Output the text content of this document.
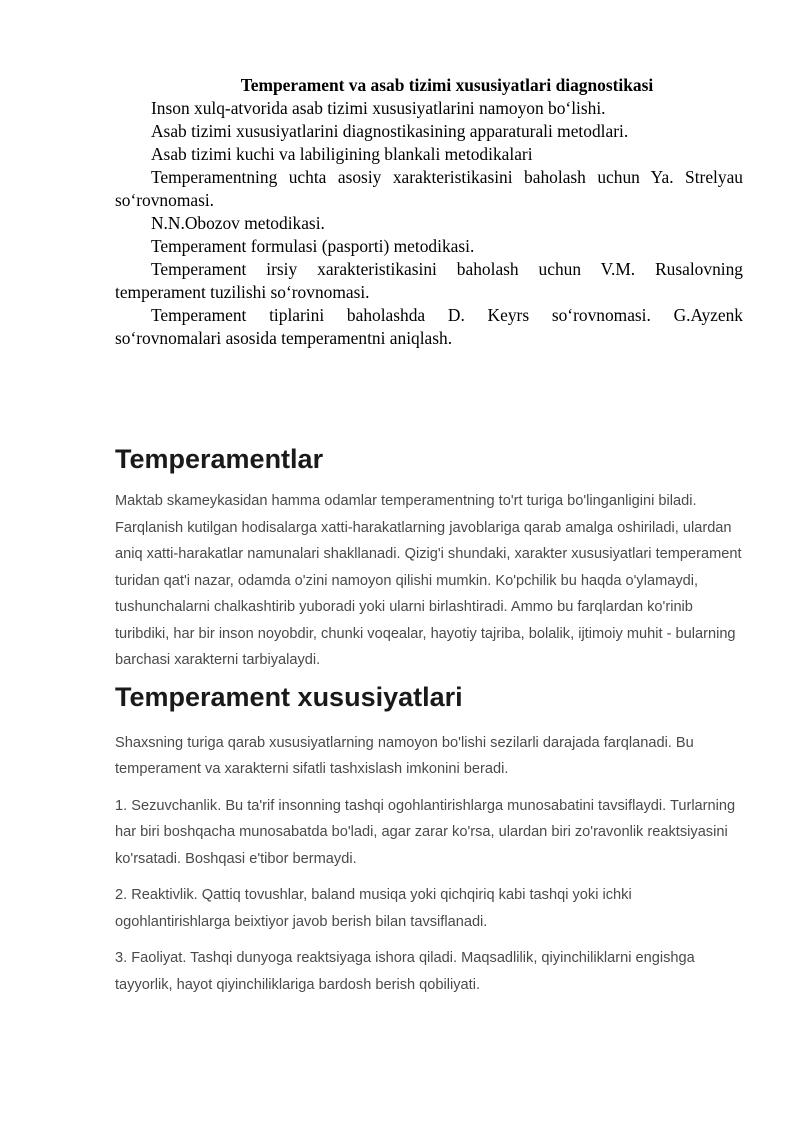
Temperament va asab tizimi xususiyatlari diagnostikasi

Inson xulq-atvorida asab tizimi xususiyatlarini namoyon bo‘lishi.

Asab tizimi xususiyatlarini diagnostikasining apparaturali metodlari.

Asab tizimi kuchi va labiligining blankali metodikalari

Temperamentning uchta asosiy xarakteristikasini baholash uchun Ya. Strelyau so‘rovnomasi.

N.N.Obozov metodikasi.

Temperament formulasi (pasporti) metodikasi.

Temperament irsiy xarakteristikasini baholash uchun V.M. Rusalovning temperament tuzilishi so‘rovnomasi.

Temperament tiplarini baholashda D. Keyrs so‘rovnomasi. G.Ayzenk so‘rovnomalari asosida temperamentni aniqlash.

Temperamentlar

Maktab skameykasidan hamma odamlar temperamentning to'rt turiga bo'linganligini biladi. Farqlanish kutilgan hodisalarga xatti-harakatlarning javoblariga qarab amalga oshiriladi, ulardan aniq xatti-harakatlar namunalari shakllanadi. Qizig'i shundaki, xarakter xususiyatlari temperament turidan qat'i nazar, odamda o'zini namoyon qilishi mumkin. Ko'pchilik bu haqda o'ylamaydi, tushunchalarni chalkashtirib yuboradi yoki ularni birlashtiradi. Ammo bu farqlardan ko'rinib turibdiki, har bir inson noyobdir, chunki voqealar, hayotiy tajriba, bolalik, ijtimoiy muhit - bularning barchasi xarakterni tarbiyalaydi.

Temperament xususiyatlari

Shaxsning turiga qarab xususiyatlarning namoyon bo'lishi sezilarli darajada farqlanadi. Bu temperament va xarakterni sifatli tashxislash imkonini beradi.

1. Sezuvchanlik. Bu ta'rif insonning tashqi ogohlantirishlarga munosabatini tavsiflaydi. Turlarning har biri boshqacha munosabatda bo'ladi, agar zarar ko'rsa, ulardan biri zo'ravonlik reaktsiyasini ko'rsatadi. Boshqasi e'tibor bermaydi.

2. Reaktivlik. Qattiq tovushlar, baland musiqa yoki qichqiriq kabi tashqi yoki ichki ogohlantirishlarga beixtiyor javob berish bilan tavsiflanadi.

3. Faoliyat. Tashqi dunyoga reaktsiyaga ishora qiladi. Maqsadlilik, qiyinchiliklarni engishga tayyorlik, hayot qiyinchiliklariga bardosh berish qobiliyati.
